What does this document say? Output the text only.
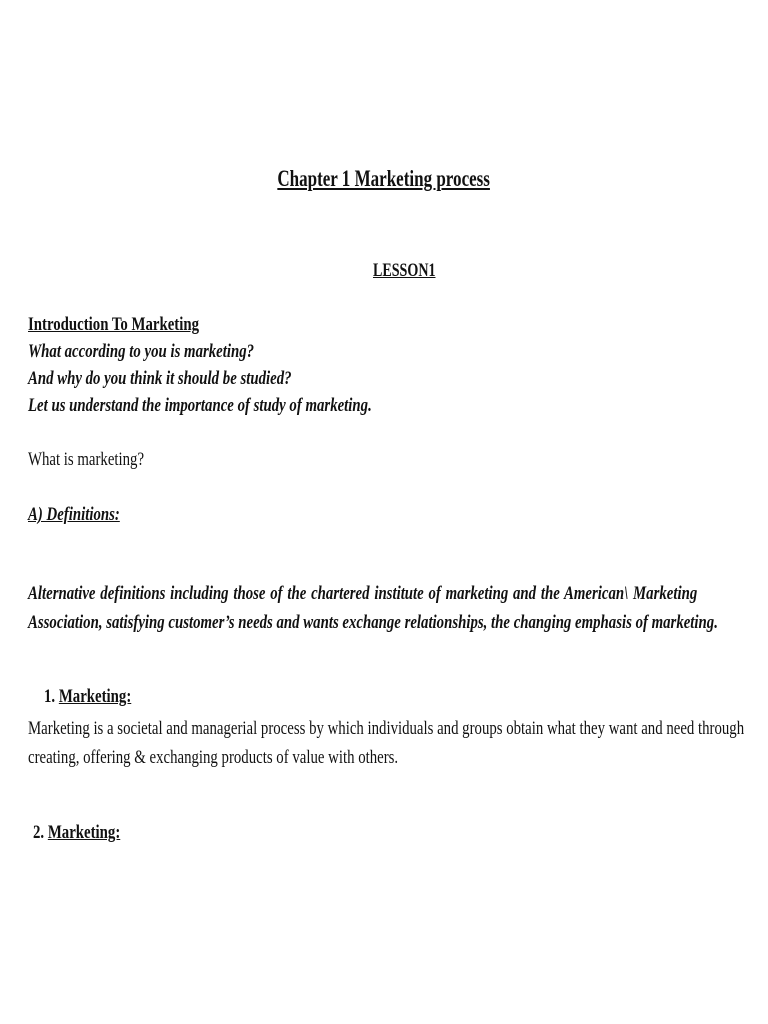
Chapter 1 Marketing process
LESSON1
Introduction To Marketing
What according to you is marketing?
And why do you think it should be studied?
Let us understand the importance of study of marketing.
What is marketing?
A) Definitions:
Alternative definitions including those of the chartered institute of marketing and the American\ Marketing
Association, satisfying customer’s needs and wants exchange relationships, the changing emphasis of marketing.
1. Marketing:
Marketing is a societal and managerial process by which individuals and groups obtain what they want and need through
creating, offering & exchanging products of value with others.
2. Marketing:
